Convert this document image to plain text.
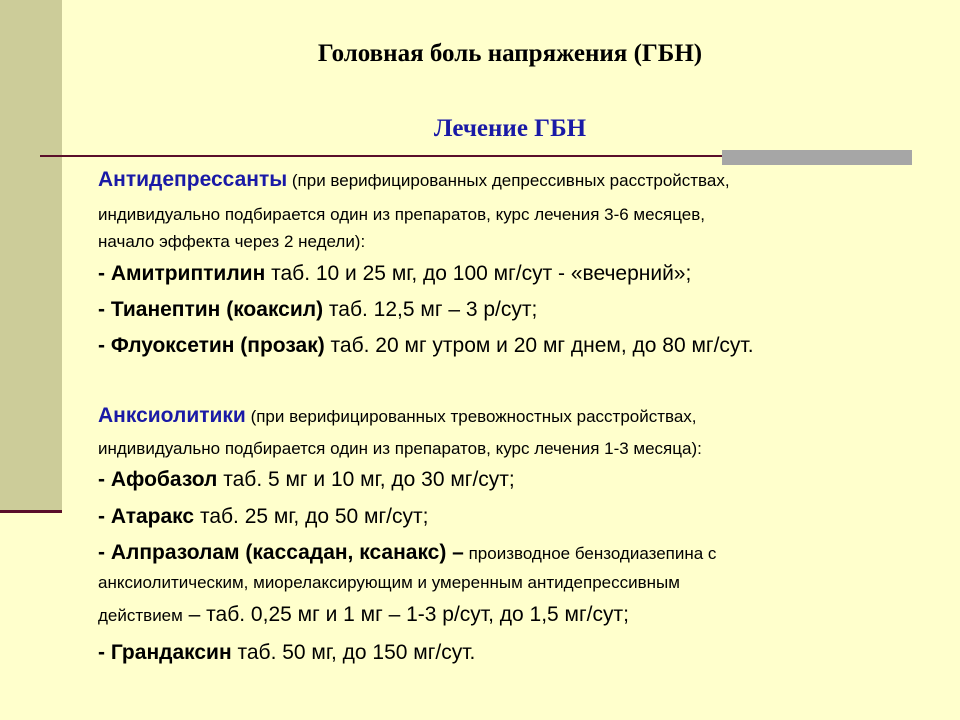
Головная боль напряжения (ГБН)
Лечение ГБН
Антидепрессанты (при верифицированных депрессивных расстройствах,
индивидуально подбирается один из препаратов, курс лечения 3-6 месяцев,
начало эффекта через 2 недели):
- Амитриптилин таб. 10 и 25 мг, до 100 мг/сут - «вечерний»;
- Тианептин (коаксил) таб. 12,5 мг – 3 р/сут;
- Флуоксетин (прозак) таб. 20 мг утром и 20 мг днем, до 80 мг/сут.
Анксиолитики (при верифицированных тревожностных расстройствах,
индивидуально подбирается один из препаратов, курс лечения 1-3 месяца):
- Афобазол таб. 5 мг и 10 мг, до 30 мг/сут;
- Атаракс таб. 25 мг, до 50 мг/сут;
- Алпразолам (кассадан, ксанакс) – производное бензодиазепина с
анксиолитическим, миорелаксирующим и умеренным антидепрессивным
действием – таб. 0,25 мг и 1 мг – 1-3 р/сут, до 1,5 мг/сут;
- Грандаксин таб. 50 мг, до 150 мг/сут.
